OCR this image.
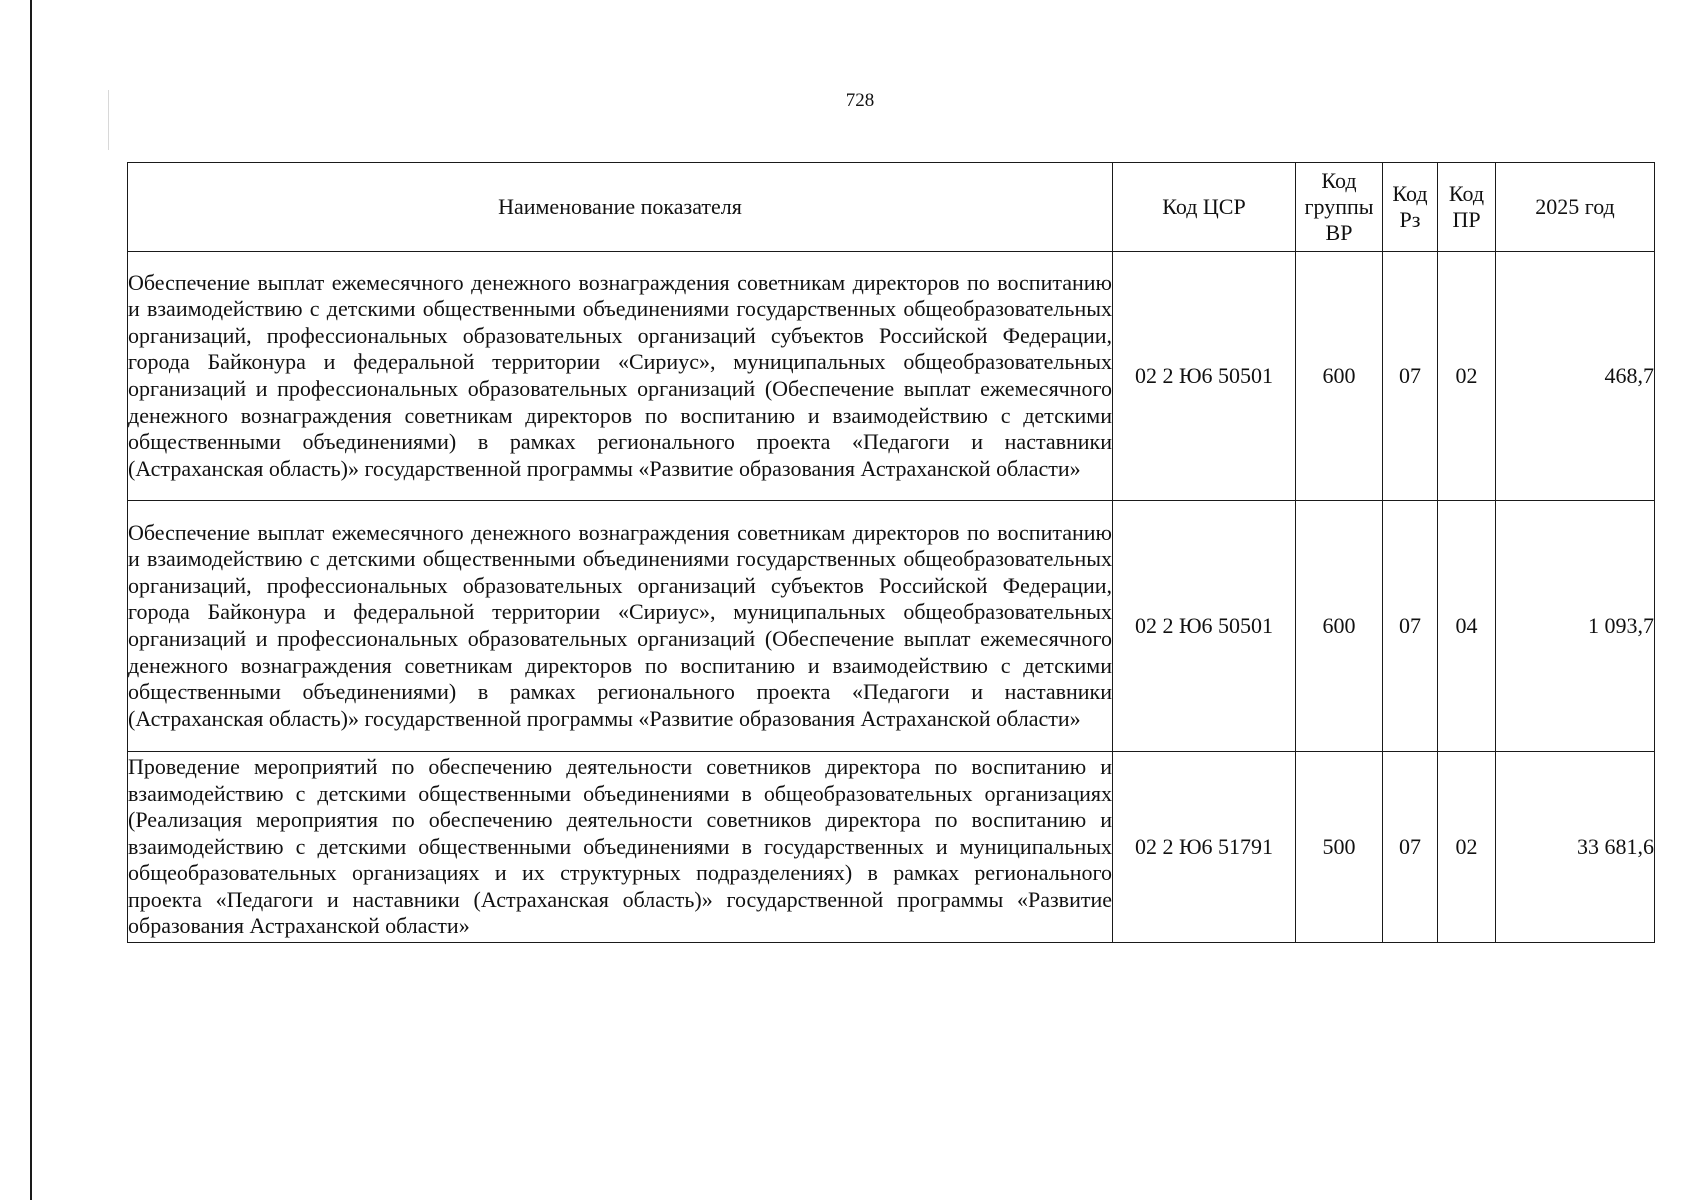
728
Наименование показателя	Код ЦСР	Код группы ВР	Код Рз	Код ПР	2025 год
Обеспечение выплат ежемесячного денежного вознаграждения советникам директоров по воспитанию и взаимодействию с детскими общественными объединениями государственных общеобразовательных организаций, профессиональных образовательных организаций субъектов Российской Федерации, города Байконура и федеральной территории «Сириус», муниципальных общеобразовательных организаций и профессиональных образовательных организаций (Обеспечение выплат ежемесячного денежного вознаграждения советникам директоров по воспитанию и взаимодействию с детскими общественными объединениями) в рамках регионального проекта «Педагоги и наставники (Астраханская область)» государственной программы «Развитие образования Астраханской области»	02 2 Ю6 50501	600	07	02	468,7
Обеспечение выплат ежемесячного денежного вознаграждения советникам директоров по воспитанию и взаимодействию с детскими общественными объединениями государственных общеобразовательных организаций, профессиональных образовательных организаций субъектов Российской Федерации, города Байконура и федеральной территории «Сириус», муниципальных общеобразовательных организаций и профессиональных образовательных организаций (Обеспечение выплат ежемесячного денежного вознаграждения советникам директоров по воспитанию и взаимодействию с детскими общественными объединениями) в рамках регионального проекта «Педагоги и наставники (Астраханская область)» государственной программы «Развитие образования Астраханской области»	02 2 Ю6 50501	600	07	04	1 093,7
Проведение мероприятий по обеспечению деятельности советников директора по воспитанию и взаимодействию с детскими общественными объединениями в общеобразовательных организациях (Реализация мероприятия по обеспечению деятельности советников директора по воспитанию и взаимодействию с детскими общественными объединениями в государственных и муниципальных общеобразовательных организациях и их структурных подразделениях) в рамках регионального проекта «Педагоги и наставники (Астраханская область)» государственной программы «Развитие образования Астраханской области»	02 2 Ю6 51791	500	07	02	33 681,6
